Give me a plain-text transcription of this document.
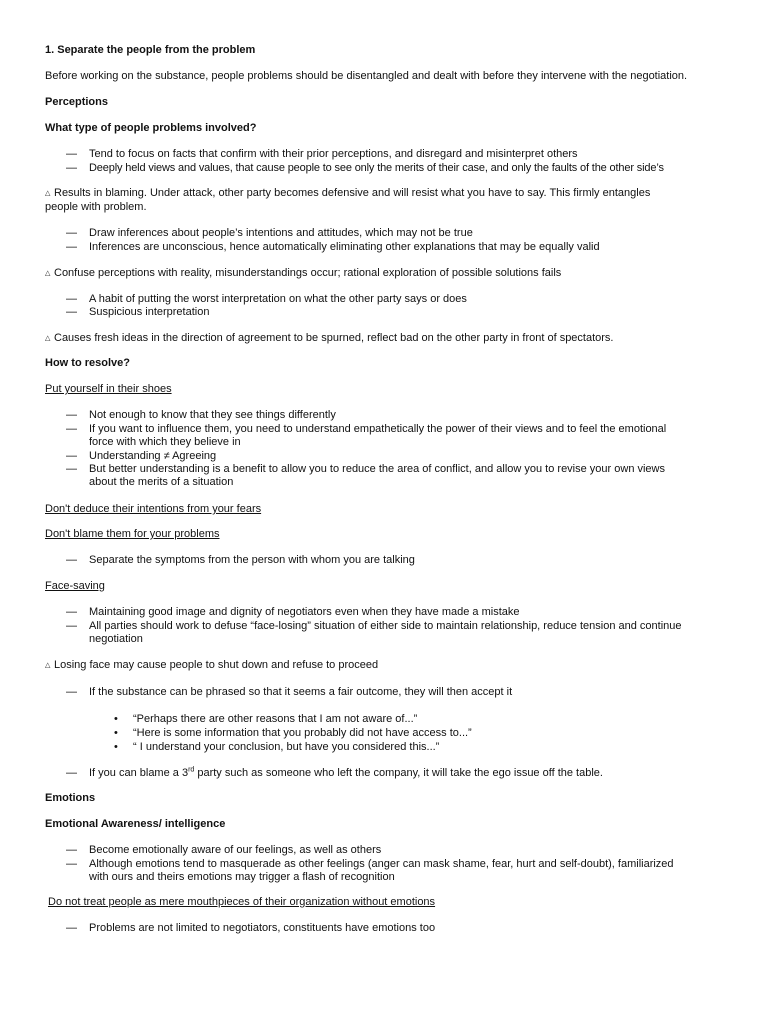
1. Separate the people from the problem
Before working on the substance, people problems should be disentangled and dealt with before they intervene with the negotiation.
Perceptions
What type of people problems involved?
— Tend to focus on facts that confirm with their prior perceptions, and disregard and misinterpret others
— Deeply held views and values, that cause people to see only the merits of their case, and only the faults of the other side’s
△ Results in blaming. Under attack, other party becomes defensive and will resist what you have to say. This firmly entangles
people with problem.
— Draw inferences about people’s intentions and attitudes, which may not be true
— Inferences are unconscious, hence automatically eliminating other explanations that may be equally valid
△ Confuse perceptions with reality, misunderstandings occur; rational exploration of possible solutions fails
— A habit of putting the worst interpretation on what the other party says or does
— Suspicious interpretation
△ Causes fresh ideas in the direction of agreement to be spurned, reflect bad on the other party in front of spectators.
How to resolve?
Put yourself in their shoes
— Not enough to know that they see things differently
— If you want to influence them, you need to understand empathetically the power of their views and to feel the emotional
force with which they believe in
— Understanding ≠ Agreeing
— But better understanding is a benefit to allow you to reduce the area of conflict, and allow you to revise your own views
about the merits of a situation
Don't deduce their intentions from your fears
Don't blame them for your problems
— Separate the symptoms from the person with whom you are talking
Face-saving
— Maintaining good image and dignity of negotiators even when they have made a mistake
— All parties should work to defuse “face-losing” situation of either side to maintain relationship, reduce tension and continue
negotiation
△ Losing face may cause people to shut down and refuse to proceed
— If the substance can be phrased so that it seems a fair outcome, they will then accept it
• “Perhaps there are other reasons that I am not aware of...”
• “Here is some information that you probably did not have access to...”
• “ I understand your conclusion, but have you considered this...”
— If you can blame a 3rd party such as someone who left the company, it will take the ego issue off the table.
Emotions
Emotional Awareness/ intelligence
— Become emotionally aware of our feelings, as well as others
— Although emotions tend to masquerade as other feelings (anger can mask shame, fear, hurt and self-doubt), familiarized
with ours and theirs emotions may trigger a flash of recognition
Do not treat people as mere mouthpieces of their organization without emotions
— Problems are not limited to negotiators, constituents have emotions too
